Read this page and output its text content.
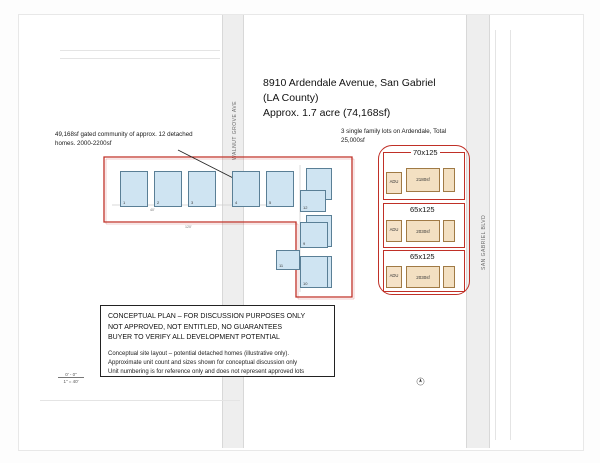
WALNUT GROVE AVE
SAN GABRIEL BLVD
8910 Ardendale Avenue, San Gabriel
(LA County)
Approx. 1.7 acre (74,168sf)
49,168sf gated community of approx. 12 detached homes. 2000-2200sf
3 single family lots on Ardendale, Total 25,000sf
1	2	3	4	5
9
10
11
12
40'
120'
70x125
ADU	2180sf
65x125
ADU	2030sf
65x125
ADU	2030sf
CONCEPTUAL PLAN – FOR DISCUSSION PURPOSES ONLY
NOT APPROVED, NOT ENTITLED, NO GUARANTEES
BUYER TO VERIFY ALL DEVELOPMENT POTENTIAL
Conceptual site layout – potential detached homes (illustrative only).
Approximate unit count and sizes shown for conceptual discussion only
Unit numbering is for reference only and does not represent approved lots
0' - 0"
1" = 40'
